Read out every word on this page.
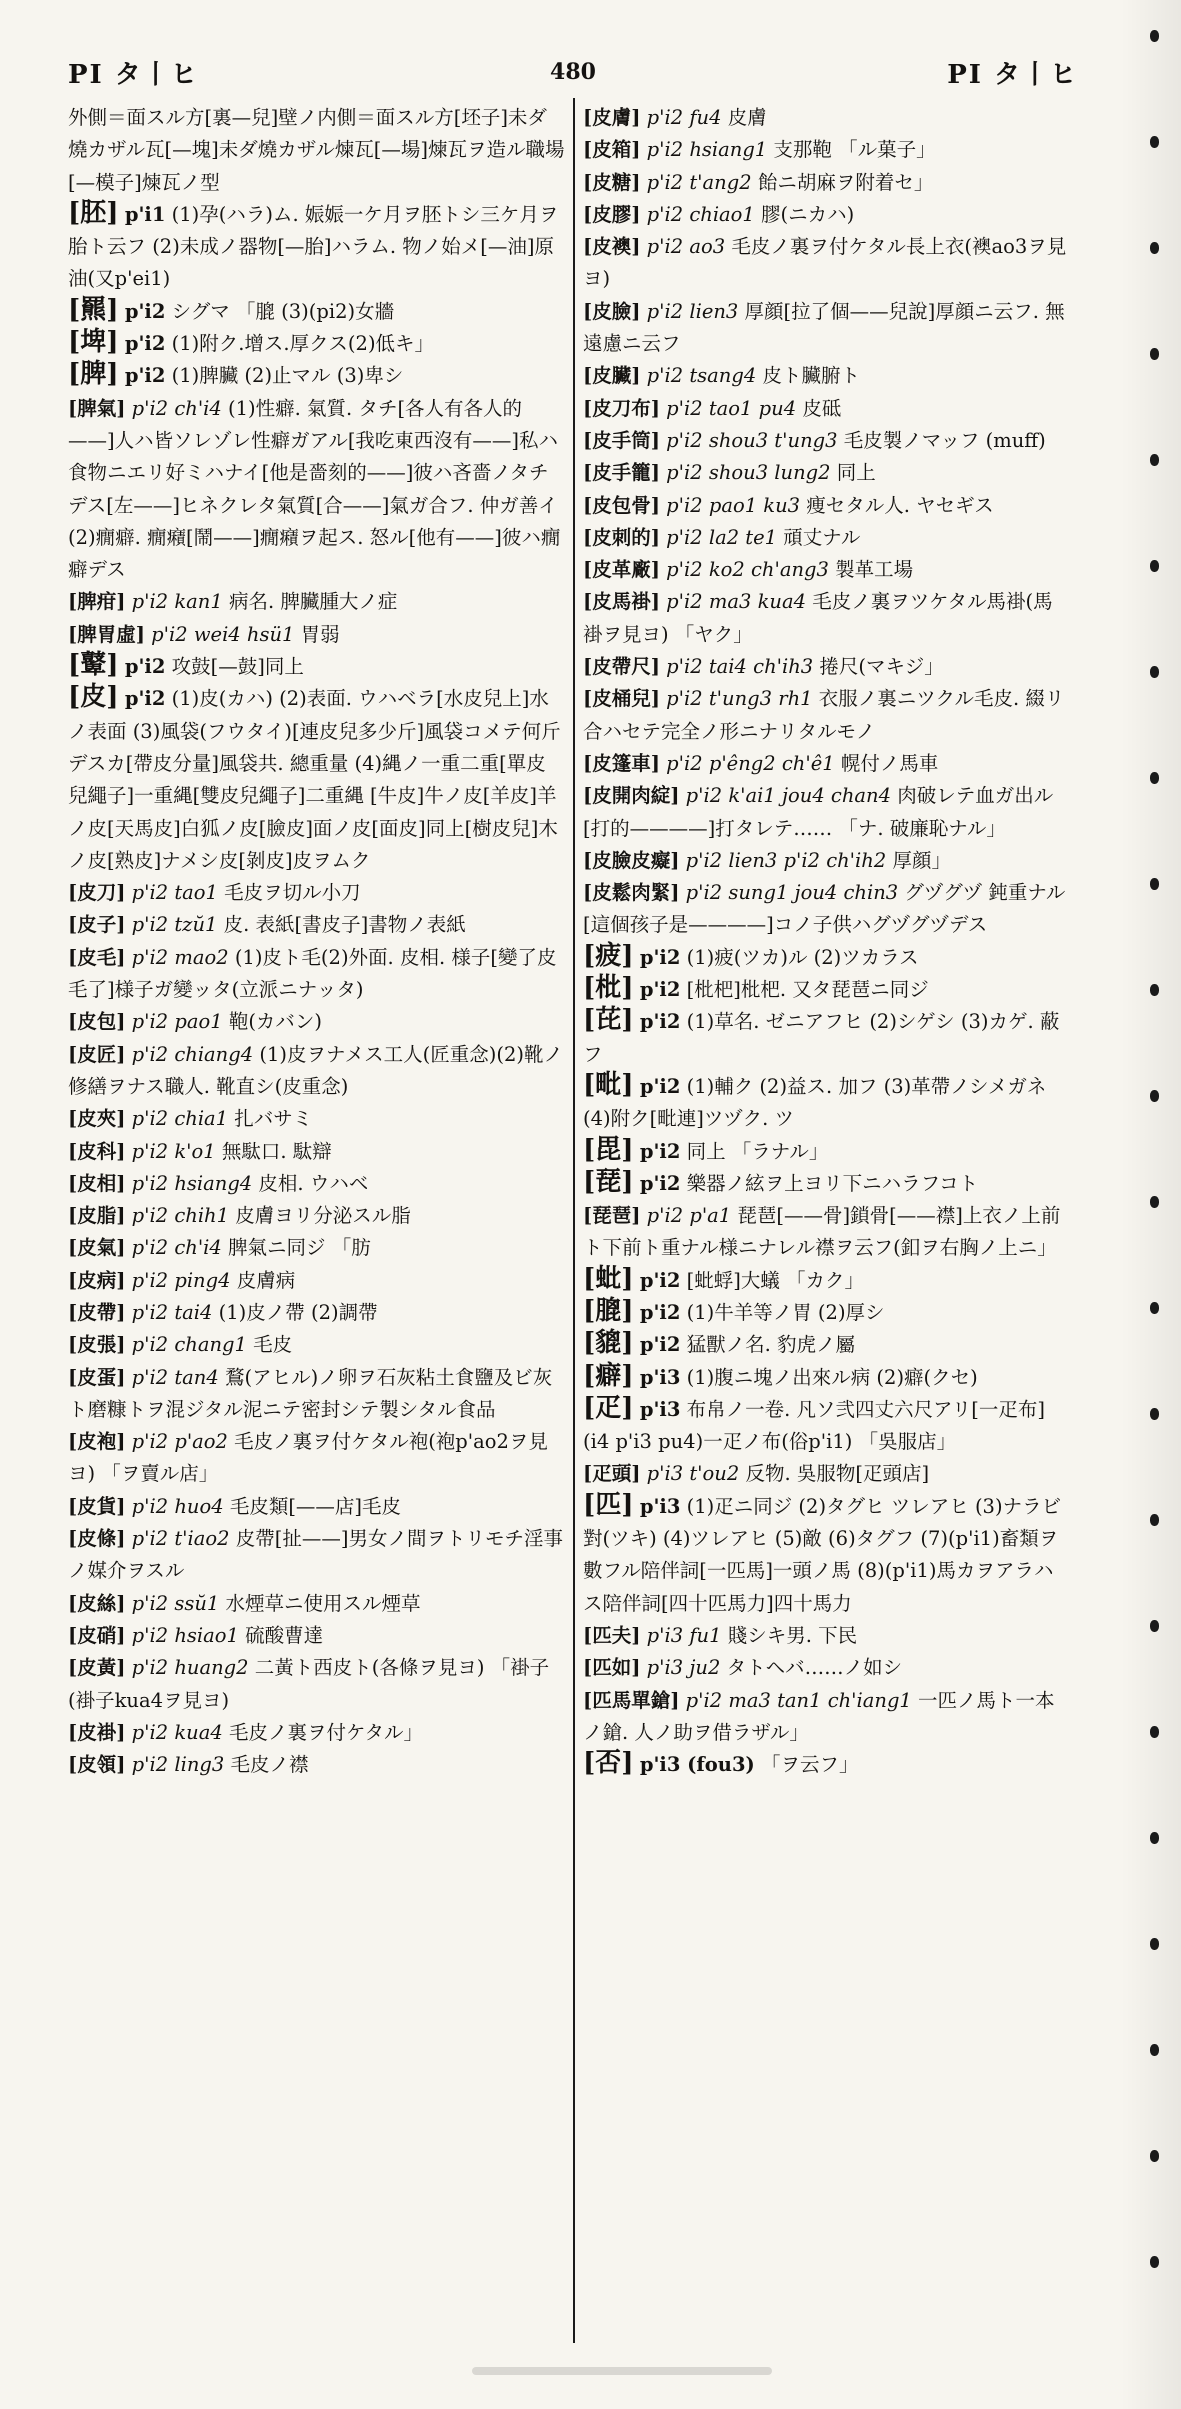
PI タ丨ヒ	480	PI タ丨ヒ
外側＝面スル方[裏—兒]壁ノ内側＝面スル方[坯子]未ダ燒カザル瓦[—塊]未ダ燒カザル煉瓦[—場]煉瓦ヲ造ル職場[—模子]煉瓦ノ型
[胚] p'i1 (1)孕(ハラ)ム. 娠娠一ケ月ヲ胚トシ三ケ月ヲ胎ト云フ (2)未成ノ器物[—胎]ハラム. 物ノ始メ[—油]原油(又p'ei1)
[羆] p'i2 シグマ 「膍 (3)(pi2)女牆
[埤] p'i2 (1)附ク.增ス.厚クス(2)低キ」
[脾] p'i2 (1)脾臟 (2)止マル (3)卑シ
[脾氣] p'i2 ch'i4 (1)性癖. 氣質. タチ[各人有各人的——]人ハ皆ソレゾレ性癖ガアル[我吃東西沒有——]私ハ食物ニエリ好ミハナイ[他是嗇刻的——]彼ハ吝嗇ノタチデス[左——]ヒネクレタ氣質[合——]氣ガ合フ. 仲ガ善イ (2)癇癖. 癇癪[鬧——]癇癪ヲ起ス. 怒ル[他有——]彼ハ癇癖デス
[脾疳] p'i2 kan1 病名. 脾臟腫大ノ症
[脾胃虛] p'i2 wei4 hsü1 胃弱
[鼙] p'i2 攻鼓[—鼓]同上
[皮] p'i2 (1)皮(カハ) (2)表面. ウハベラ[水皮兒上]水ノ表面 (3)風袋(フウタイ)[連皮兒多少斤]風袋コメテ何斤デスカ[帶皮分量]風袋共. 總重量 (4)縄ノ一重二重[單皮兒繩子]一重縄[雙皮兒繩子]二重縄 [牛皮]牛ノ皮[羊皮]羊ノ皮[天馬皮]白狐ノ皮[臉皮]面ノ皮[面皮]同上[樹皮兒]木ノ皮[熟皮]ナメシ皮[剝皮]皮ヲムク
[皮刀] p'i2 tao1 毛皮ヲ切ル小刀
[皮子] p'i2 tzŭ1 皮. 表紙[書皮子]書物ノ表紙
[皮毛] p'i2 mao2 (1)皮ト毛(2)外面. 皮相. 様子[變了皮毛了]様子ガ變ッタ(立派ニナッタ)
[皮包] p'i2 pao1 鞄(カバン)
[皮匠] p'i2 chiang4 (1)皮ヲナメス工人(匠重念)(2)靴ノ修繕ヲナス職人. 靴直シ(皮重念)
[皮夾] p'i2 chia1 扎バサミ
[皮科] p'i2 k'o1 無駄口. 駄辯
[皮相] p'i2 hsiang4 皮相. ウハベ
[皮脂] p'i2 chih1 皮膚ヨリ分泌スル脂
[皮氣] p'i2 ch'i4 脾氣ニ同ジ 「肪
[皮病] p'i2 ping4 皮膚病
[皮帶] p'i2 tai4 (1)皮ノ帶 (2)調帶
[皮張] p'i2 chang1 毛皮
[皮蛋] p'i2 tan4 鶩(アヒル)ノ卵ヲ石灰粘土食鹽及ビ灰ト磨糠トヲ混ジタル泥ニテ密封シテ製シタル食品
[皮袍] p'i2 p'ao2 毛皮ノ裏ヲ付ケタル袍(袍p'ao2ヲ見ヨ) 「ヲ賣ル店」
[皮貨] p'i2 huo4 毛皮類[——店]毛皮
[皮條] p'i2 t'iao2 皮帶[扯——]男女ノ間ヲトリモチ淫事ノ媒介ヲスル
[皮絲] p'i2 ssŭ1 水煙草ニ使用スル煙草
[皮硝] p'i2 hsiao1 硫酸曹達
[皮黃] p'i2 huang2 二黃ト西皮ト(各條ヲ見ヨ) 「褂子(褂子kua4ヲ見ヨ)
[皮褂] p'i2 kua4 毛皮ノ裏ヲ付ケタル」
[皮領] p'i2 ling3 毛皮ノ襟
[皮膚] p'i2 fu4 皮膚
[皮箱] p'i2 hsiang1 支那鞄 「ル菓子」
[皮糖] p'i2 t'ang2 飴ニ胡麻ヲ附着セ」
[皮膠] p'i2 chiao1 膠(ニカハ)
[皮襖] p'i2 ao3 毛皮ノ裏ヲ付ケタル長上衣(襖ao3ヲ見ヨ)
[皮臉] p'i2 lien3 厚顔[拉了個——兒說]厚顔ニ云フ. 無遠慮ニ云フ
[皮臟] p'i2 tsang4 皮ト臟腑ト
[皮刀布] p'i2 tao1 pu4 皮砥
[皮手筒] p'i2 shou3 t'ung3 毛皮製ノマッフ (muff)
[皮手籠] p'i2 shou3 lung2 同上
[皮包骨] p'i2 pao1 ku3 痩セタル人. ヤセギス
[皮刺的] p'i2 la2 te1 頑丈ナル
[皮革廠] p'i2 ko2 ch'ang3 製革工場
[皮馬褂] p'i2 ma3 kua4 毛皮ノ裏ヲツケタル馬褂(馬褂ヲ見ヨ) 「ヤク」
[皮帶尺] p'i2 tai4 ch'ih3 捲尺(マキジ」
[皮桶兒] p'i2 t'ung3 rh1 衣服ノ裏ニツクル毛皮. 綴リ合ハセテ完全ノ形ニナリタルモノ
[皮篷車] p'i2 p'êng2 ch'ê1 幌付ノ馬車
[皮開肉綻] p'i2 k'ai1 jou4 chan4 肉破レテ血ガ出ル[打的————]打タレテ…… 「ナ. 破廉恥ナル」
[皮臉皮癡] p'i2 lien3 p'i2 ch'ih2 厚顔」
[皮鬆肉緊] p'i2 sung1 jou4 chin3 グヅグヅ 鈍重ナル[這個孩子是————]コノ子供ハグヅグヅデス
[疲] p'i2 (1)疲(ツカ)ル (2)ツカラス
[枇] p'i2 [枇杷]枇杷. 又タ琵琶ニ同ジ
[芘] p'i2 (1)草名. ゼニアフヒ (2)シゲシ (3)カゲ. 蔽フ
[毗] p'i2 (1)輔ク (2)益ス. 加フ (3)革帶ノシメガネ (4)附ク[毗連]ツヅク. ツ
[毘] p'i2 同上 「ラナル」
[琵] p'i2 樂器ノ絃ヲ上ヨリ下ニハラフコト
[琵琶] p'i2 p'a1 琵琶[——骨]鎖骨[——襟]上衣ノ上前ト下前ト重ナル様ニナレル襟ヲ云フ(釦ヲ右胸ノ上ニ」
[蚍] p'i2 [蚍蜉]大蟻 「カク」
[膍] p'i2 (1)牛羊等ノ胃 (2)厚シ
[貔] p'i2 猛獸ノ名. 豹虎ノ屬
[癖] p'i3 (1)腹ニ塊ノ出來ル病 (2)癖(クセ)
[疋] p'i3 布帛ノ一卷. 凡ソ弐四丈六尺アリ[一疋布](i4 p'i3 pu4)一疋ノ布(俗p'i1) 「吳服店」
[疋頭] p'i3 t'ou2 反物. 吳服物[疋頭店]
[匹] p'i3 (1)疋ニ同ジ (2)タグヒ ツレアヒ (3)ナラビ 對(ツキ) (4)ツレアヒ (5)敵 (6)タグフ (7)(p'i1)畜類ヲ數フル陪伴詞[一匹馬]一頭ノ馬 (8)(p'i1)馬カヲアラハス陪伴詞[四十匹馬力]四十馬力
[匹夫] p'i3 fu1 賤シキ男. 下民
[匹如] p'i3 ju2 タトヘバ……ノ如シ
[匹馬單鎗] p'i2 ma3 tan1 ch'iang1 一匹ノ馬ト一本ノ鎗. 人ノ助ヲ借ラザル」
[否] p'i3 (fou3) 「ヲ云フ」
